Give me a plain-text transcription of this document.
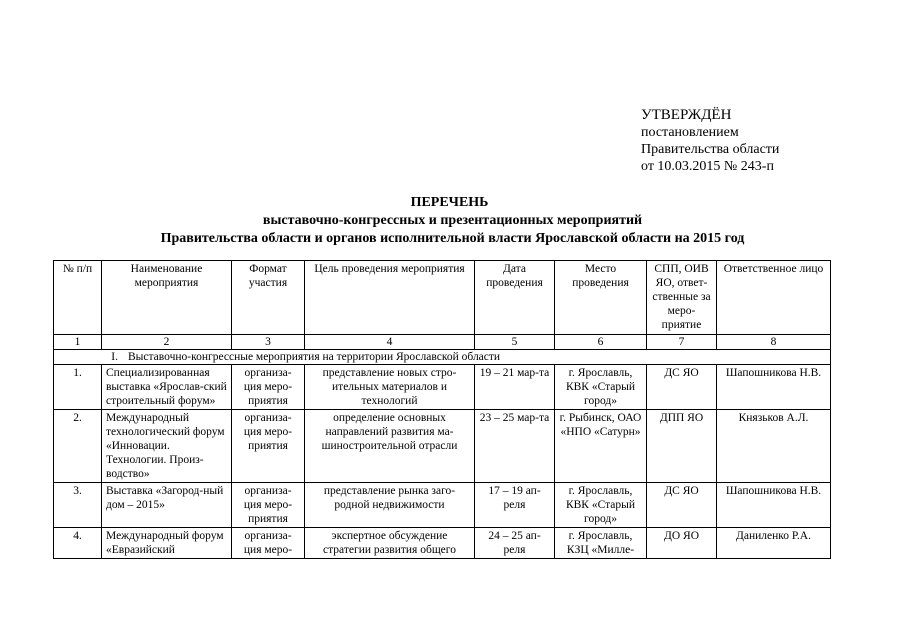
УТВЕРЖДЁН
постановлением
Правительства области
от 10.03.2015 № 243-п
ПЕРЕЧЕНЬ
выставочно-конгрессных и презентационных мероприятий
Правительства области и органов исполнительной власти Ярославской области на 2015 год
№ п/п	Наименование мероприятия	Формат участия	Цель проведения мероприятия	Дата проведения	Место проведения	СПП, ОИВ ЯО, ответ-ственные за меро-приятие	Ответственное лицо
1	2	3	4	5	6	7	8
I. Выставочно-конгрессные мероприятия на территории Ярославской области							
1.	Специализированная выставка «Ярослав-ский строительный форум»	организа-ция меро-приятия	представление новых стро-ительных материалов и технологий	19 – 21 мар-та	г. Ярославль, КВК «Старый город»	ДС ЯО	Шапошникова Н.В.
2.	Международный технологический форум «Инновации. Технологии. Произ-водство»	организа-ция меро-приятия	определение основных направлений развития ма-шиностроительной отрасли	23 – 25 мар-та	г. Рыбинск, ОАО «НПО «Сатурн»	ДПП ЯО	Князьков А.Л.
3.	Выставка «Загород-ный дом – 2015»	организа-ция меро-приятия	представление рынка заго-родной недвижимости	17 – 19 ап-реля	г. Ярославль, КВК «Старый город»	ДС ЯО	Шапошникова Н.В.
4.	Международный форум «Евразийский	организа-ция меро-	экспертное обсуждение стратегии развития общего	24 – 25 ап-реля	г. Ярославль, КЗЦ «Милле-	ДО ЯО	Даниленко Р.А.
